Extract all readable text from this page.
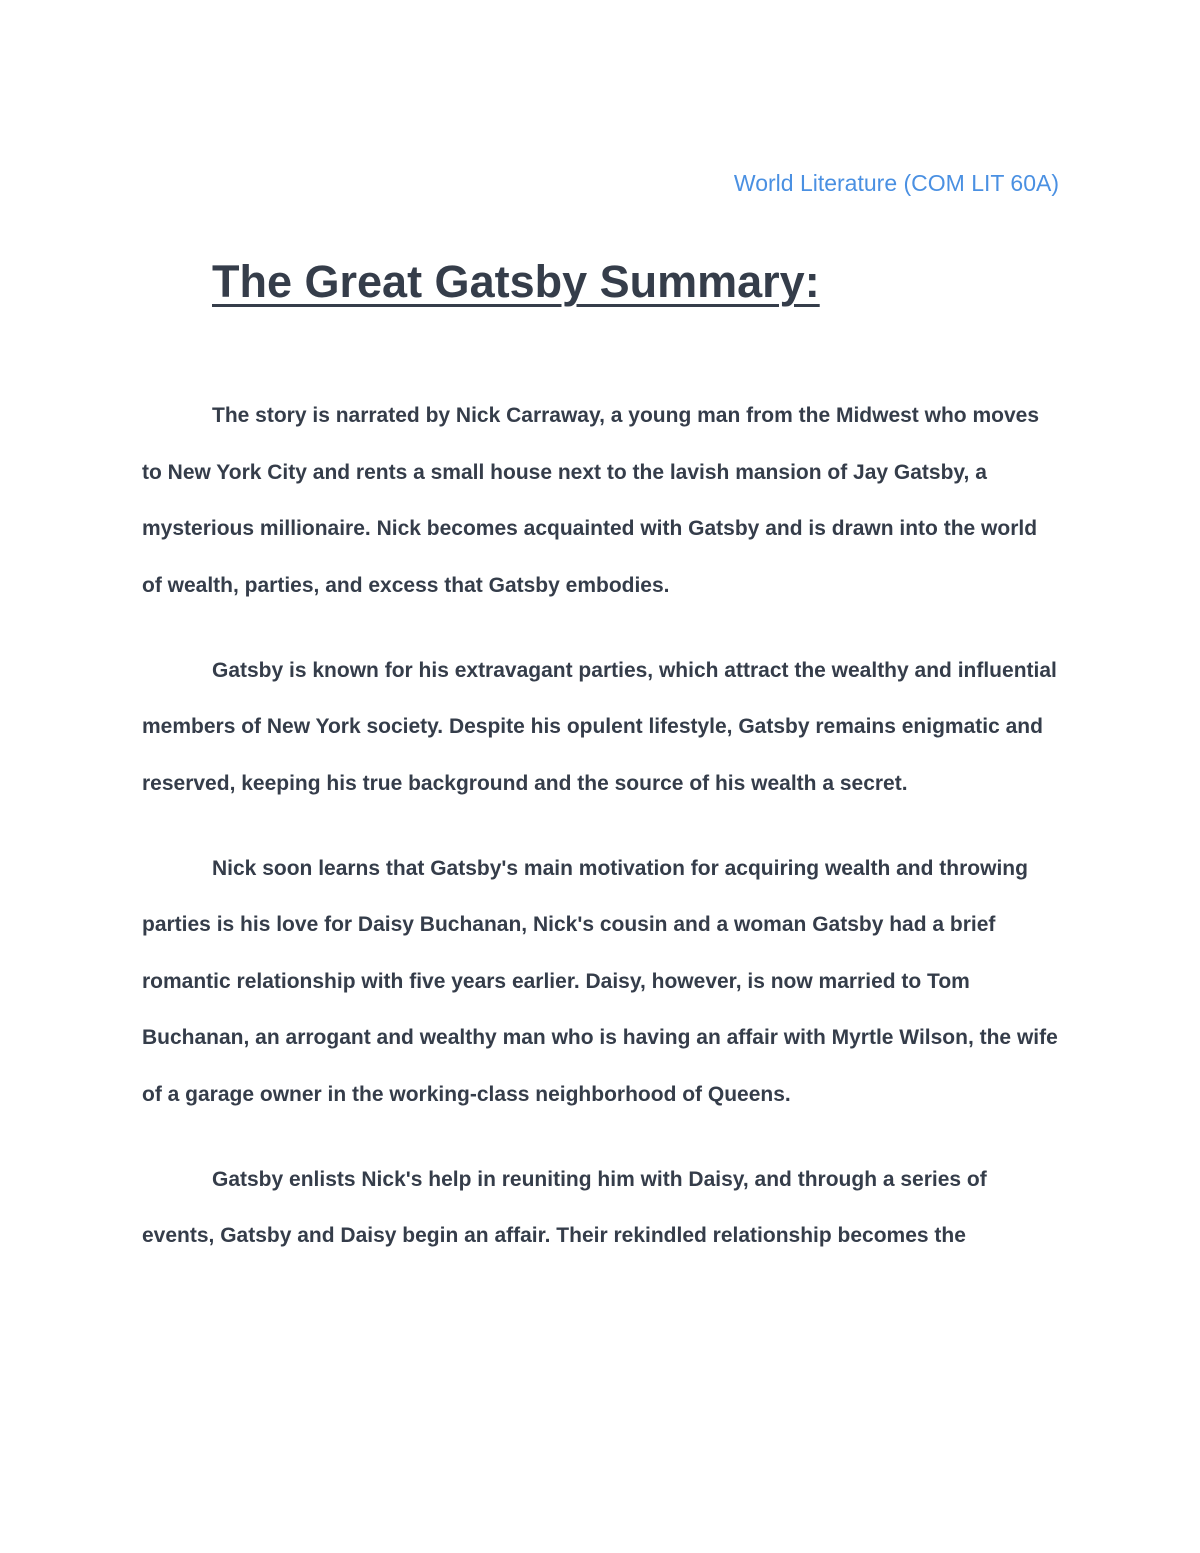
World Literature (COM LIT 60A)
The Great Gatsby Summary:

The story is narrated by Nick Carraway, a young man from the Midwest who moves to New York City and rents a small house next to the lavish mansion of Jay Gatsby, a mysterious millionaire. Nick becomes acquainted with Gatsby and is drawn into the world of wealth, parties, and excess that Gatsby embodies.

Gatsby is known for his extravagant parties, which attract the wealthy and influential members of New York society. Despite his opulent lifestyle, Gatsby remains enigmatic and reserved, keeping his true background and the source of his wealth a secret.

Nick soon learns that Gatsby's main motivation for acquiring wealth and throwing parties is his love for Daisy Buchanan, Nick's cousin and a woman Gatsby had a brief romantic relationship with five years earlier. Daisy, however, is now married to Tom Buchanan, an arrogant and wealthy man who is having an affair with Myrtle Wilson, the wife of a garage owner in the working-class neighborhood of Queens.

Gatsby enlists Nick's help in reuniting him with Daisy, and through a series of events, Gatsby and Daisy begin an affair. Their rekindled relationship becomes the
